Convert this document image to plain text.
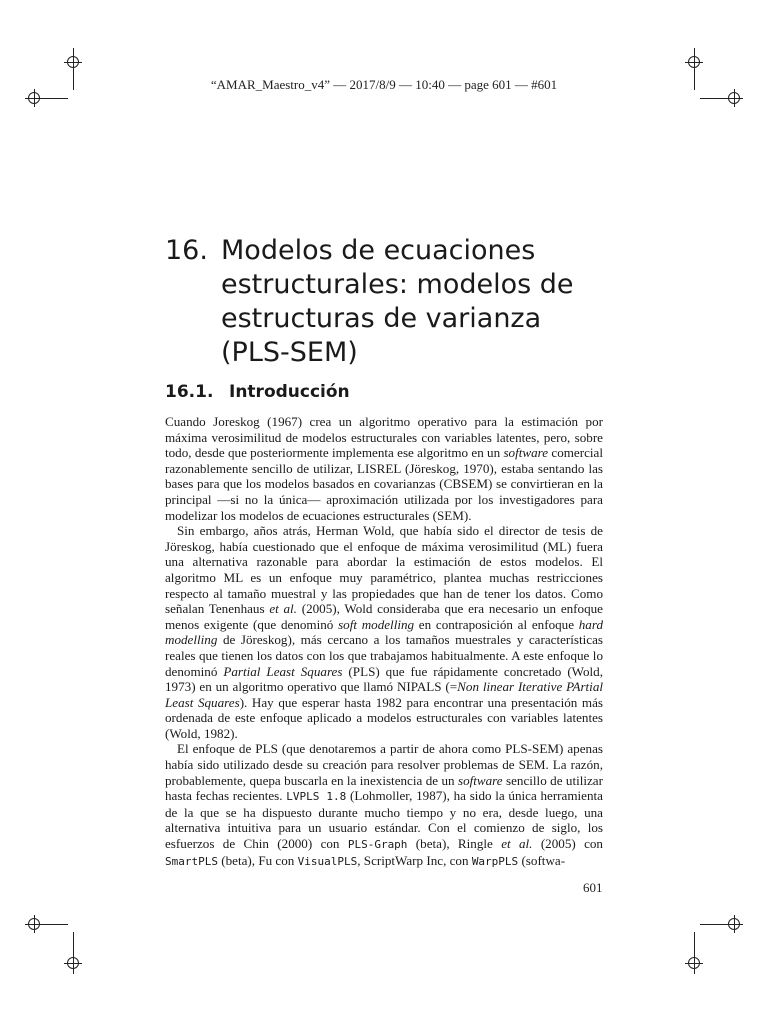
“AMAR_Maestro_v4” — 2017/8/9 — 10:40 — page 601 — #601
16. Modelos de ecuaciones estructurales: modelos de estructuras de varianza (PLS-SEM)
16.1. Introducción

Cuando Joreskog (1967) crea un algoritmo operativo para la estimación por máxima verosimilitud de modelos estructurales con variables latentes, pero, sobre todo, desde que posteriormente implementa ese algoritmo en un software comercial razonablemente sencillo de utilizar, LISREL (Jöreskog, 1970), estaba sentando las bases para que los modelos basados en covarianzas (CBSEM) se convirtieran en la principal —si no la única— aproximación utilizada por los investigadores para modelizar los modelos de ecuaciones estructurales (SEM).

Sin embargo, años atrás, Herman Wold, que había sido el director de tesis de Jöreskog, había cuestionado que el enfoque de máxima verosimilitud (ML) fuera una alternativa razonable para abordar la estimación de estos modelos. El algoritmo ML es un enfoque muy paramétrico, plantea muchas restricciones respecto al tamaño muestral y las propiedades que han de tener los datos. Como señalan Tenenhaus et al. (2005), Wold consideraba que era necesario un enfoque menos exigente (que denominó soft modelling en contraposición al enfoque hard modelling de Jöreskog), más cercano a los tamaños muestrales y características reales que tienen los datos con los que trabajamos habitualmente. A este enfoque lo denominó Partial Least Squares (PLS) que fue rápidamente concretado (Wold, 1973) en un algoritmo operativo que llamó NIPALS (=Non linear Iterative PArtial Least Squares). Hay que esperar hasta 1982 para encontrar una presentación más ordenada de este enfoque aplicado a modelos estructurales con variables latentes (Wold, 1982).

El enfoque de PLS (que denotaremos a partir de ahora como PLS-SEM) apenas había sido utilizado desde su creación para resolver problemas de SEM. La razón, probablemente, quepa buscarla en la inexistencia de un software sencillo de utilizar hasta fechas recientes. LVPLS 1.8 (Lohmoller, 1987), ha sido la única herramienta de la que se ha dispuesto durante mucho tiempo y no era, desde luego, una alternativa intuitiva para un usuario estándar. Con el comienzo de siglo, los esfuerzos de Chin (2000) con PLS-Graph (beta), Ringle et al. (2005) con SmartPLS (beta), Fu con VisualPLS, ScriptWarp Inc, con WarpPLS (softwa-

601
